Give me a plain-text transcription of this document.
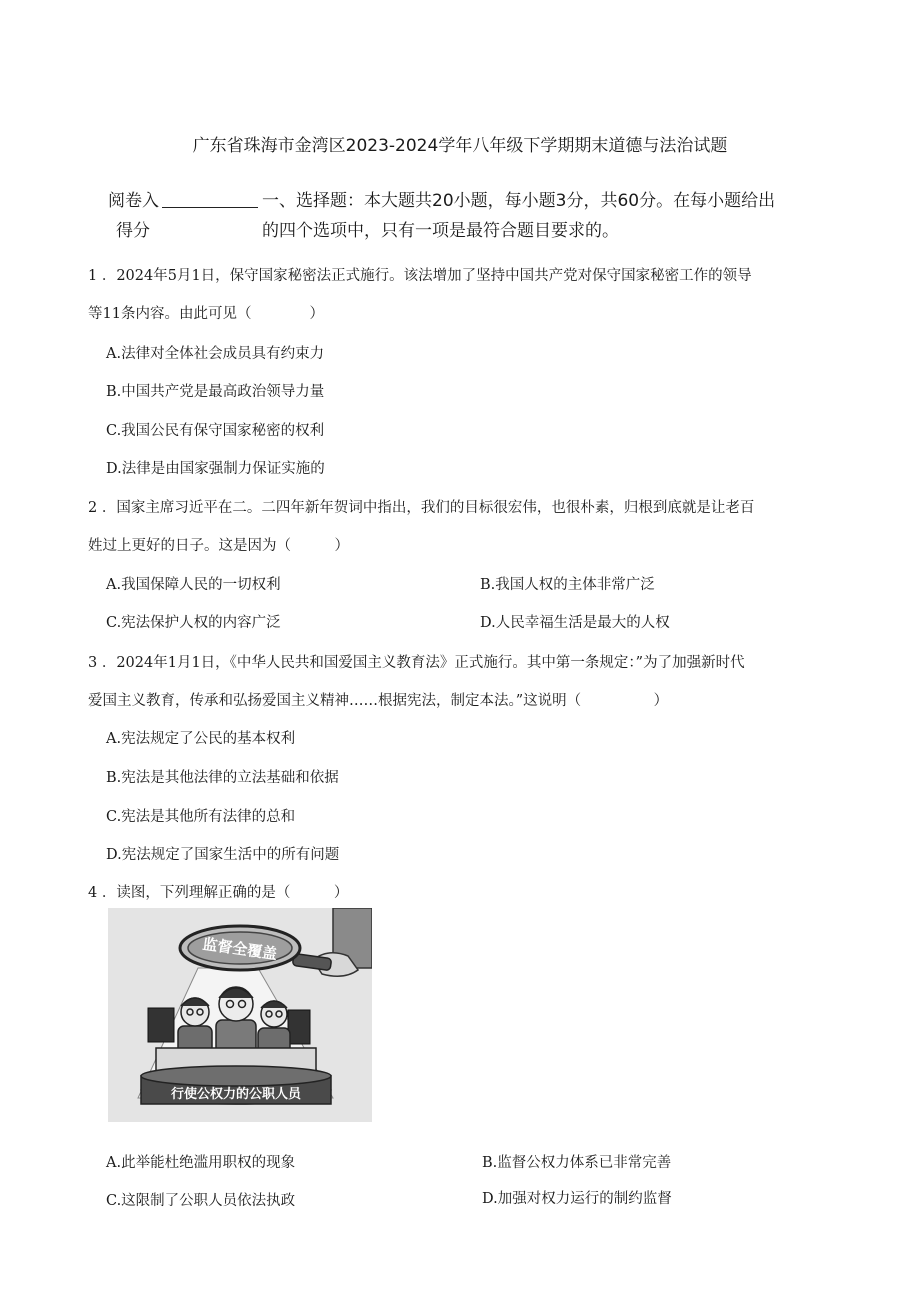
广东省珠海市金湾区2023-2024学年八年级下学期期末道德与法治试题
阅卷入
得分
一、选择题：本大题共20小题，每小题3分，共60分。在每小题给出
的四个选项中，只有一项是最符合题目要求的。
1 ．2024年5月1日，保守国家秘密法正式施行。该法增加了坚持中国共产党对保守国家秘密工作的领导
等11条内容。由此可见（　　　　）
A.法律对全体社会成员具有约束力
B.中国共产党是最高政治领导力量
C.我国公民有保守国家秘密的权利
D.法律是由国家强制力保证实施的
2 ．国家主席习近平在二。二四年新年贺词中指出，我们的目标很宏伟，也很朴素，归根到底就是让老百
姓过上更好的日子。这是因为（　　　）
A.我国保障人民的一切权利	B.我国人权的主体非常广泛
C.宪法保护人权的内容广泛	D.人民幸福生活是最大的人权
3 ．2024年1月1日，《中华人民共和国爱国主义教育法》正式施行。其中第一条规定：”为了加强新时代
爱国主义教育，传承和弘扬爱国主义精神……根据宪法，制定本法。”这说明（　　　　　）
A.宪法规定了公民的基本权利
B.宪法是其他法律的立法基础和依据
C.宪法是其他所有法律的总和
D.宪法规定了国家生活中的所有问题
4 ．读图，下列理解正确的是（　　　）
监督全覆盖
行使公权力的公职人员
A.此举能杜绝滥用职权的现象	B.监督公权力体系已非常完善
C.这限制了公职人员依法执政	D.加强对权力运行的制约监督
